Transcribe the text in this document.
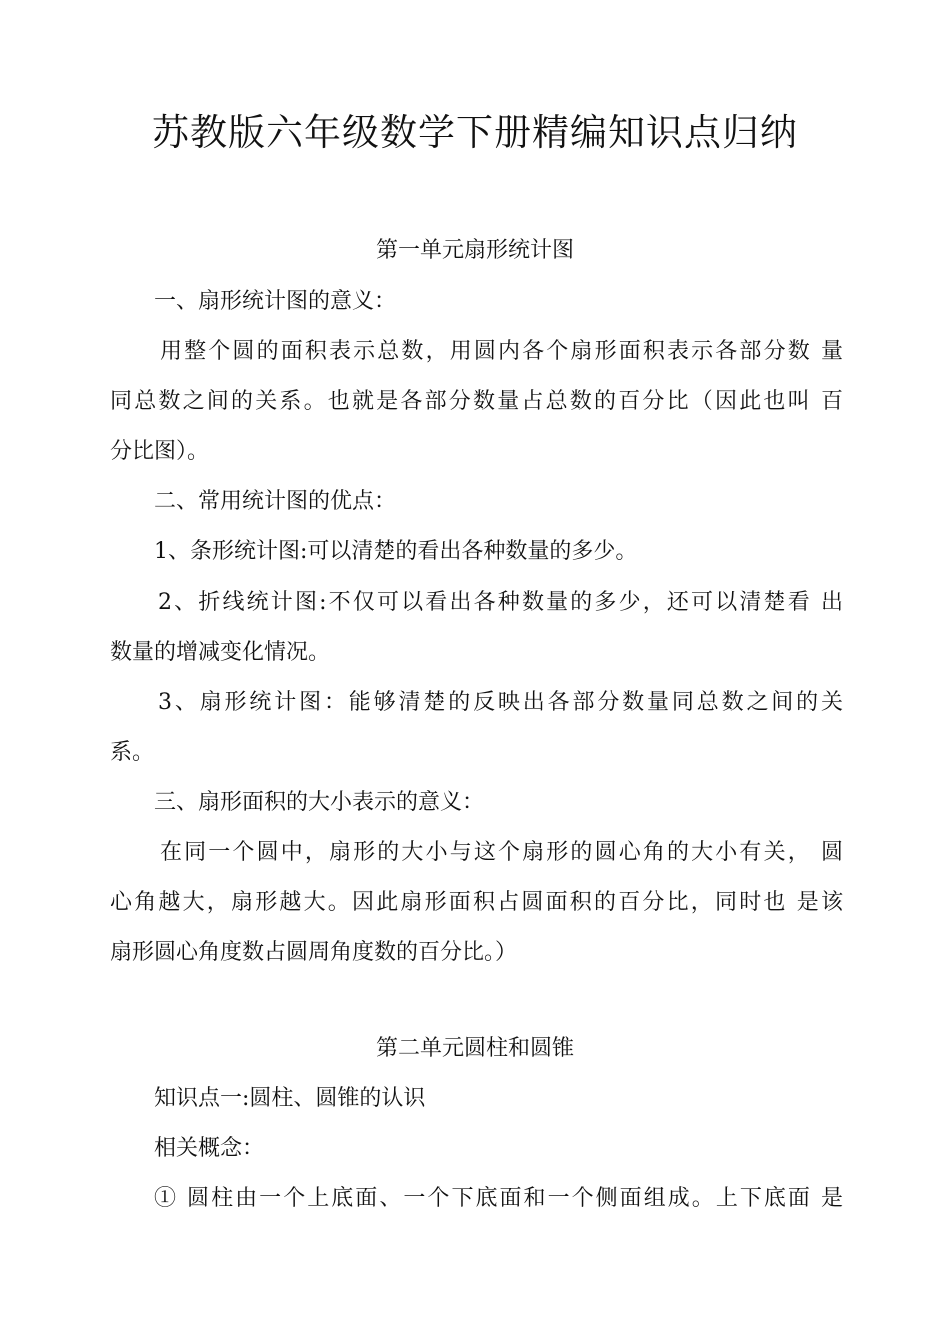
苏教版六年级数学下册精编知识点归纳
第一单元扇形统计图
一、扇形统计图的意义：
用整个圆的面积表示总数，用圆内各个扇形面积表示各部分数 量
同总数之间的关系。也就是各部分数量占总数的百分比（因此也叫 百
分比图）。
二、常用统计图的优点：
1、条形统计图:可以清楚的看出各种数量的多少。
2、折线统计图:不仅可以看出各种数量的多少，还可以清楚看 出
数量的增减变化情况。
3、扇形统计图：能够清楚的反映出各部分数量同总数之间的关
系。
三、扇形面积的大小表示的意义：
在同一个圆中，扇形的大小与这个扇形的圆心角的大小有关， 圆
心角越大，扇形越大。因此扇形面积占圆面积的百分比，同时也 是该
扇形圆心角度数占圆周角度数的百分比。）
第二单元圆柱和圆锥
知识点一:圆柱、圆锥的认识
相关概念：
① 圆柱由一个上底面、一个下底面和一个侧面组成。上下底面 是
